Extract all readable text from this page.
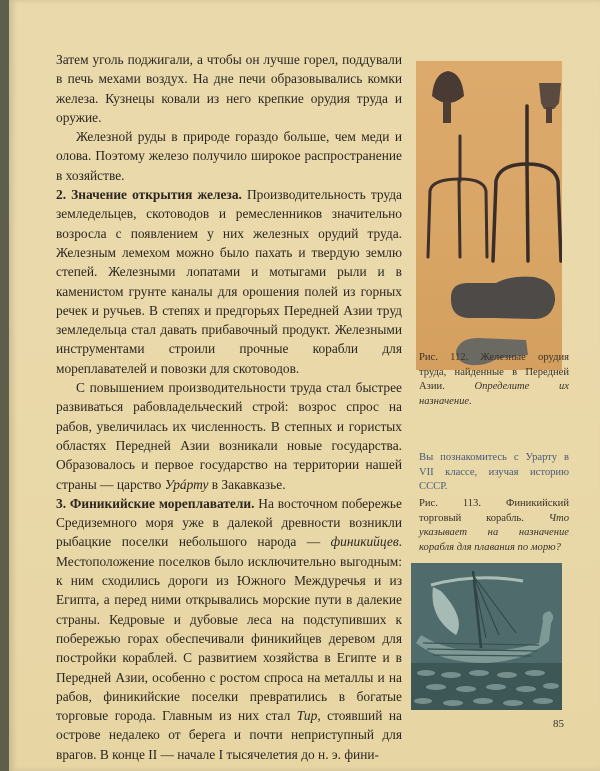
Затем уголь поджигали, а чтобы он лучше горел, поддували в печь мехами воздух. На дне печи образовывались комки железа. Кузнецы ковали из него крепкие орудия труда и оружие.

Железной руды в природе гораздо больше, чем меди и олова. Поэтому железо получило широкое распространение в хозяйстве.

2. Значение открытия железа. Производительность труда земледельцев, скотоводов и ремесленников значительно возросла с появлением у них железных орудий труда. Железным лемехом можно было пахать и твердую землю степей. Железными лопатами и мотыгами рыли и в каменистом грунте каналы для орошения полей из горных речек и ручьев. В степях и предгорьях Передней Азии труд земледельца стал давать прибавочный продукт. Железными инструментами строили прочные корабли для мореплавателей и повозки для скотоводов.

С повышением производительности труда стал быстрее развиваться рабовладельческий строй: возрос спрос на рабов, увеличилась их численность. В степных и гористых областях Передней Азии возникали новые государства. Образовалось и первое государство на территории нашей страны — царство Урáрту в Закавказье.

3. Финикийские мореплаватели. На восточном побережье Средиземного моря уже в далекой древности возникли рыбацкие поселки небольшого народа — финикийцев. Местоположение поселков было исключительно выгодным: к ним сходились дороги из Южного Междуречья и из Египта, а перед ними открывались морские пути в далекие страны. Кедровые и дубовые леса на подступивших к побережью горах обеспечивали финикийцев деревом для постройки кораблей. С развитием хозяйства в Египте и в Передней Азии, особенно с ростом спроса на металлы и на рабов, финикийские поселки превратились в богатые торговые города. Главным из них стал Тир, стоявший на острове недалеко от берега и почти неприступный для врагов. В конце II — начале I тысячелетия до н. э. фини-

Рис. 112. Железные орудия труда, найденные в Передней Азии. Определите их назначение.
Вы познакомитесь с Урарту в VII классе, изучая историю СССР.
Рис. 113. Финикийский торговый корабль. Что указывает на назначение корабля для плавания по морю?
85
